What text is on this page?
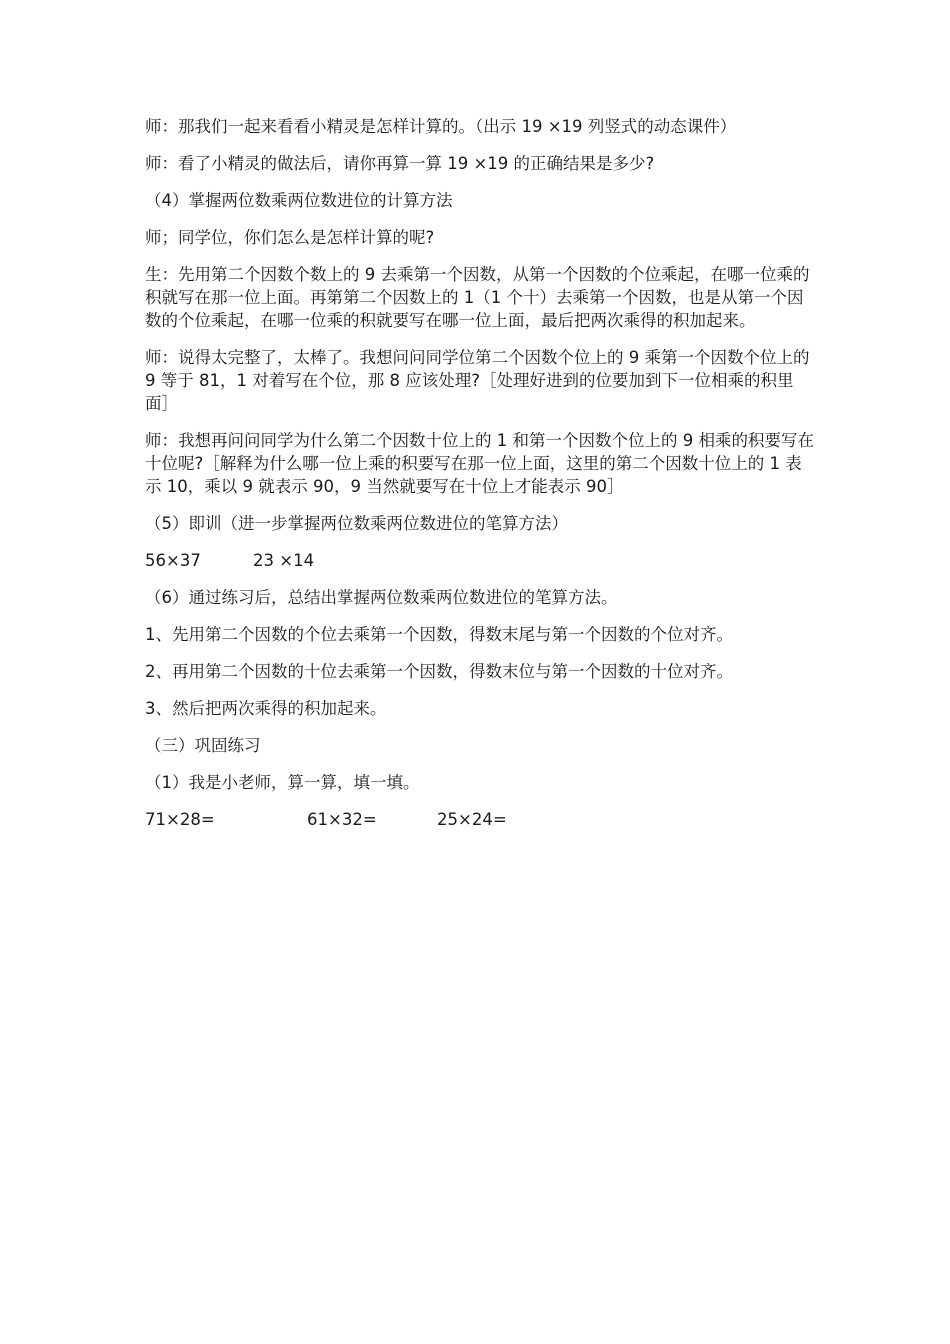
师：那我们一起来看看小精灵是怎样计算的。（出示 19 ×19 列竖式的动态课件）

师：看了小精灵的做法后，请你再算一算 19 ×19 的正确结果是多少?

（4）掌握两位数乘两位数进位的计算方法

师；同学位，你们怎么是怎样计算的呢?

生：先用第二个因数个数上的 9 去乘第一个因数，从第一个因数的个位乘起，在哪一位乘的积就写在那一位上面。再第第二个因数上的 1（1 个十）去乘第一个因数，也是从第一个因数的个位乘起，在哪一位乘的积就要写在哪一位上面，最后把两次乘得的积加起来。

师：说得太完整了，太棒了。我想问问同学位第二个因数个位上的 9 乘第一个因数个位上的 9 等于 81，1 对着写在个位，那 8 应该处理?［处理好进到的位要加到下一位相乘的积里面］

师：我想再问问同学为什么第二个因数十位上的 1 和第一个因数个位上的 9 相乘的积要写在十位呢?［解释为什么哪一位上乘的积要写在那一位上面，这里的第二个因数十位上的 1 表示 10，乘以 9 就表示 90，9 当然就要写在十位上才能表示 90］

（5）即训（进一步掌握两位数乘两位数进位的笔算方法）

56×37	23 ×14

（6）通过练习后，总结出掌握两位数乘两位数进位的笔算方法。

1、先用第二个因数的个位去乘第一个因数，得数末尾与第一个因数的个位对齐。

2、再用第二个因数的十位去乘第一个因数，得数末位与第一个因数的十位对齐。

3、然后把两次乘得的积加起来。

（三）巩固练习

（1）我是小老师，算一算，填一填。

71×28=	61×32=	25×24=
